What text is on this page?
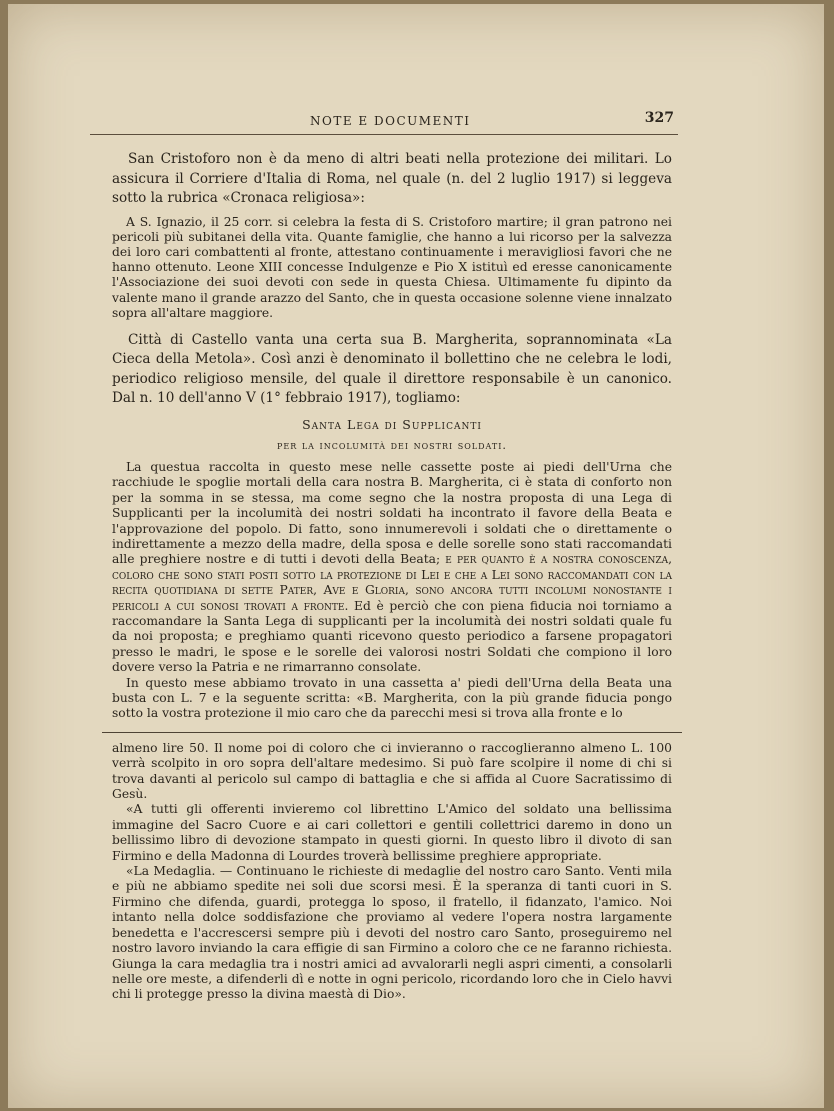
NOTE E DOCUMENTI	327

San Cristoforo non è da meno di altri beati nella protezione dei militari. Lo assicura il Corriere d'Italia di Roma, nel quale (n. del 2 luglio 1917) si leggeva sotto la rubrica «Cronaca religiosa»:

A S. Ignazio, il 25 corr. si celebra la festa di S. Cristoforo martire; il gran patrono nei pericoli più subitanei della vita. Quante famiglie, che hanno a lui ricorso per la salvezza dei loro cari combattenti al fronte, attestano continuamente i meravigliosi favori che ne hanno ottenuto. Leone XIII concesse Indulgenze e Pio X istituì ed eresse canonicamente l'Associazione dei suoi devoti con sede in questa Chiesa. Ultimamente fu dipinto da valente mano il grande arazzo del Santo, che in questa occasione solenne viene innalzato sopra all'altare maggiore.

Città di Castello vanta una certa sua B. Margherita, soprannominata «La Cieca della Metola». Così anzi è denominato il bollettino che ne celebra le lodi, periodico religioso mensile, del quale il direttore responsabile è un canonico. Dal n. 10 dell'anno V (1° febbraio 1917), togliamo:

Santa Lega di Supplicanti
per la incolumità dei nostri soldati.

La questua raccolta in questo mese nelle cassette poste ai piedi dell'Urna che racchiude le spoglie mortali della cara nostra B. Margherita, ci è stata di conforto non per la somma in se stessa, ma come segno che la nostra proposta di una Lega di Supplicanti per la incolumità dei nostri soldati ha incontrato il favore della Beata e l'approvazione del popolo. Di fatto, sono innumerevoli i soldati che o direttamente o indirettamente a mezzo della madre, della sposa e delle sorelle sono stati raccomandati alle preghiere nostre e di tutti i devoti della Beata; e per quanto è a nostra conoscenza, coloro che sono stati posti sotto la protezione di Lei e che a Lei sono raccomandati con la recita quotidiana di sette Pater, Ave e Gloria, sono ancora tutti incolumi nonostante i pericoli a cui sonosi trovati a fronte. Ed è perciò che con piena fiducia noi torniamo a raccomandare la Santa Lega di supplicanti per la incolumità dei nostri soldati quale fu da noi proposta; e preghiamo quanti ricevono questo periodico a farsene propagatori presso le madri, le spose e le sorelle dei valorosi nostri Soldati che compiono il loro dovere verso la Patria e ne rimarranno consolate.

In questo mese abbiamo trovato in una cassetta a' piedi dell'Urna della Beata una busta con L. 7 e la seguente scritta: «B. Margherita, con la più grande fiducia pongo sotto la vostra protezione il mio caro che da parecchi mesi si trova alla fronte e lo

almeno lire 50. Il nome poi di coloro che ci invieranno o raccoglieranno almeno L. 100 verrà scolpito in oro sopra dell'altare medesimo. Si può fare scolpire il nome di chi si trova davanti al pericolo sul campo di battaglia e che si affida al Cuore Sacratissimo di Gesù.

«A tutti gli offerenti invieremo col librettino L'Amico del soldato una bellissima immagine del Sacro Cuore e ai cari collettori e gentili collettrici daremo in dono un bellissimo libro di devozione stampato in questi giorni. In questo libro il divoto di san Firmino e della Madonna di Lourdes troverà bellissime preghiere appropriate.

«La Medaglia. — Continuano le richieste di medaglie del nostro caro Santo. Venti mila e più ne abbiamo spedite nei soli due scorsi mesi. È la speranza di tanti cuori in S. Firmino che difenda, guardi, protegga lo sposo, il fratello, il fidanzato, l'amico. Noi intanto nella dolce soddisfazione che proviamo al vedere l'opera nostra largamente benedetta e l'accrescersi sempre più i devoti del nostro caro Santo, proseguiremo nel nostro lavoro inviando la cara effigie di san Firmino a coloro che ce ne faranno richiesta. Giunga la cara medaglia tra i nostri amici ad avvalorarli negli aspri cimenti, a consolarli nelle ore meste, a difenderli dì e notte in ogni pericolo, ricordando loro che in Cielo havvi chi li protegge presso la divina maestà di Dio».
